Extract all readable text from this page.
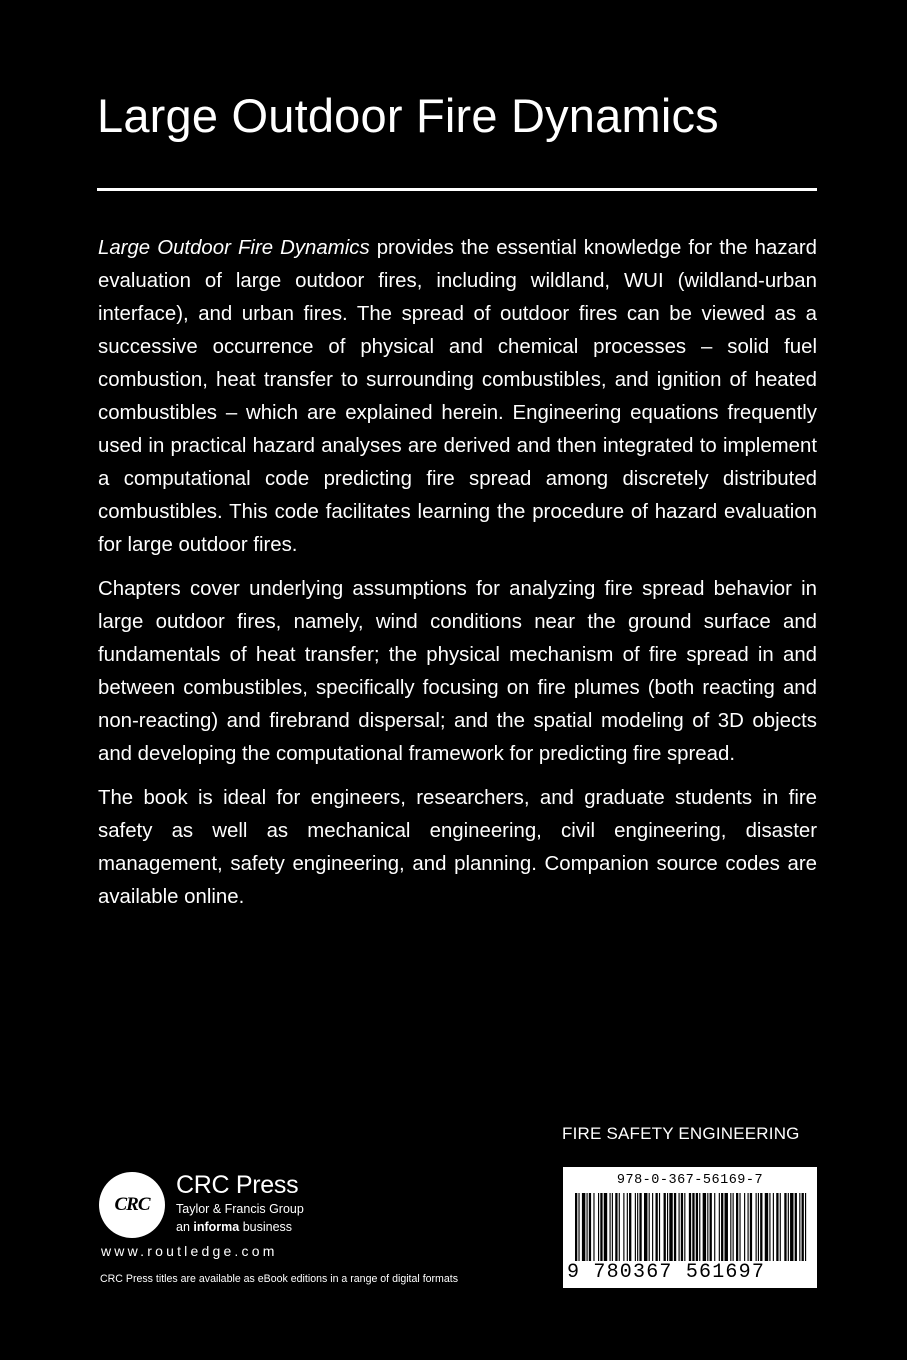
Large Outdoor Fire Dynamics

Large Outdoor Fire Dynamics provides the essential knowledge for the hazard evaluation of large outdoor fires, including wildland, WUI (wildland-urban interface), and urban fires. The spread of outdoor fires can be viewed as a successive occurrence of physical and chemical processes – solid fuel combustion, heat transfer to surrounding combustibles, and ignition of heated combustibles – which are explained herein. Engineering equations frequently used in practical hazard analyses are derived and then integrated to implement a computational code predicting fire spread among discretely distributed combustibles. This code facilitates learning the procedure of hazard evaluation for large outdoor fires.

Chapters cover underlying assumptions for analyzing fire spread behavior in large outdoor fires, namely, wind conditions near the ground surface and fundamentals of heat transfer; the physical mechanism of fire spread in and between combustibles, specifically focusing on fire plumes (both reacting and non-reacting) and firebrand dispersal; and the spatial modeling of 3D objects and developing the computational framework for predicting fire spread.

The book is ideal for engineers, researchers, and graduate students in fire safety as well as mechanical engineering, civil engineering, disaster management, safety engineering, and planning. Companion source codes are available online.

FIRE SAFETY ENGINEERING
CRC
CRC Press
Taylor & Francis Group
an informa business
www.routledge.com
CRC Press titles are available as eBook editions in a range of digital formats
978-0-367-56169-7
9 780367 561697
